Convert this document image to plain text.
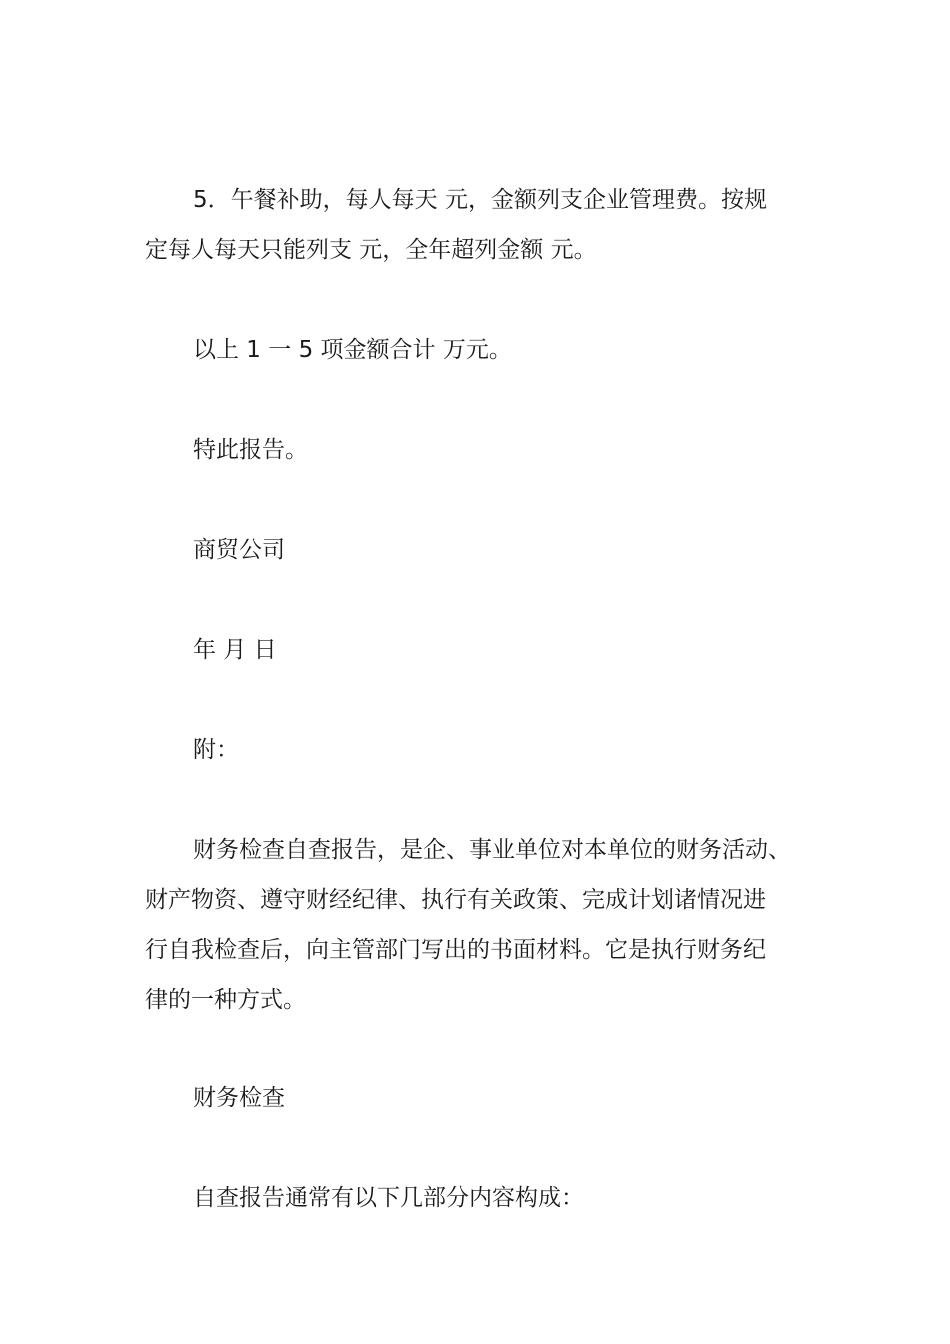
5．午餐补助，每人每天 元，金额列支企业管理费。按规
定每人每天只能列支 元，全年超列金额 元。
以上 1 一 5 项金额合计 万元。
特此报告。
商贸公司
年 月 日
附：
财务检查自查报告，是企、事业单位对本单位的财务活动、
财产物资、遵守财经纪律、执行有关政策、完成计划诸情况进
行自我检查后，向主管部门写出的书面材料。它是执行财务纪
律的一种方式。
财务检查
自查报告通常有以下几部分内容构成：
